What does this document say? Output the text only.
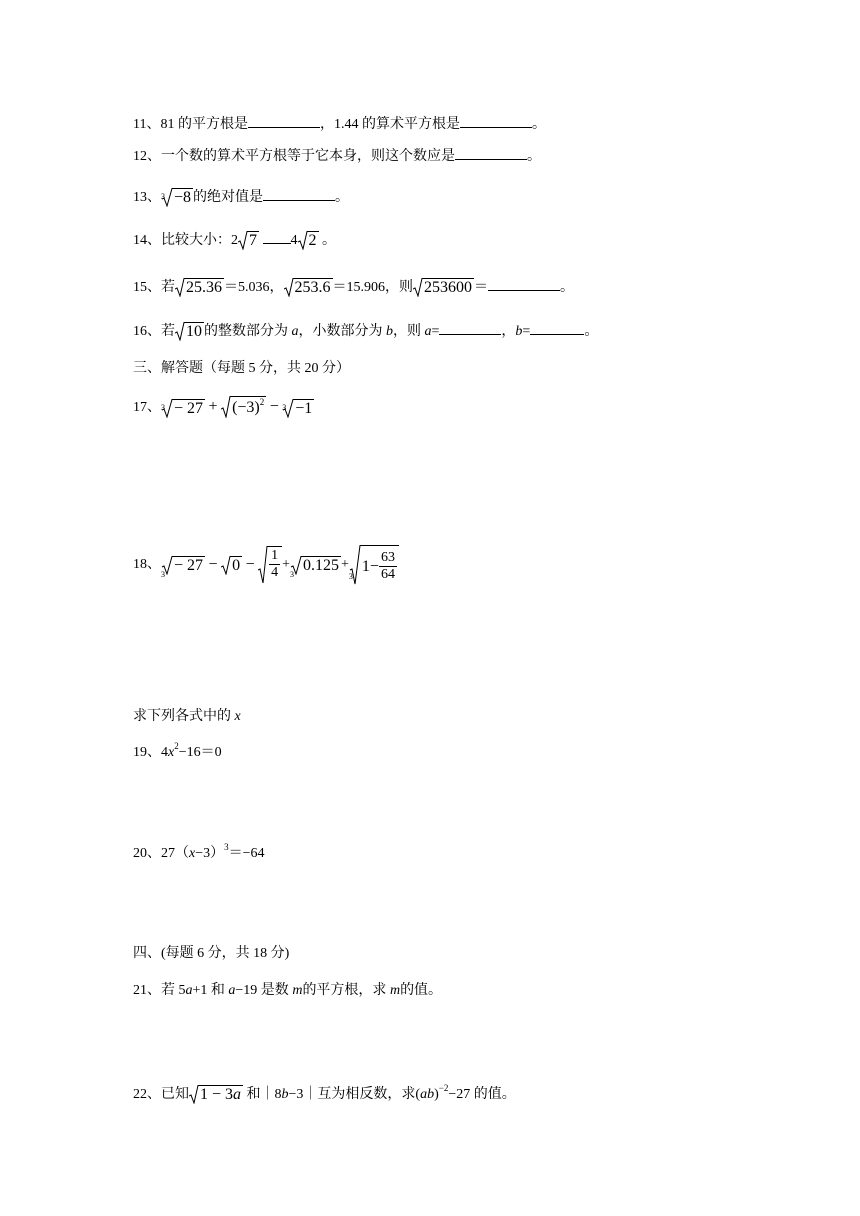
11、81 的平方根是	，1.44 的算术平方根是	。
12、一个数的算术平方根等于它本身，则这个数应是	。
13、 3 −8 的绝对值是	。
14、比较大小：2 7 4 2 。
15、若 25.36 ＝5.036， 253.6 ＝15.906，则 253600 ＝	。
16、若 10 的整数部分为 a，小数部分为 b，则 a=	，b=	。
三、解答题（每题 5 分，共 20 分）
17、 $3 - 27 + (-3)^2 - 3 -1$
18、
3
− 27
−
0
−
$\frac{1}{4}$ +
3
0.125 +
3
$1- \frac{63}{64}$
求下列各式中的 x
19、$4x^2-16=0$
20、$27(x-3)^3=-64$
四、(每题 6 分，共 18 分)
21、若 5a+1 和 a−19 是数 m的平方根，求 m的值。
22、已知 1 − 3a 和｜8b−3｜互为相反数，求(ab)$^{-2}$−27 的值。
